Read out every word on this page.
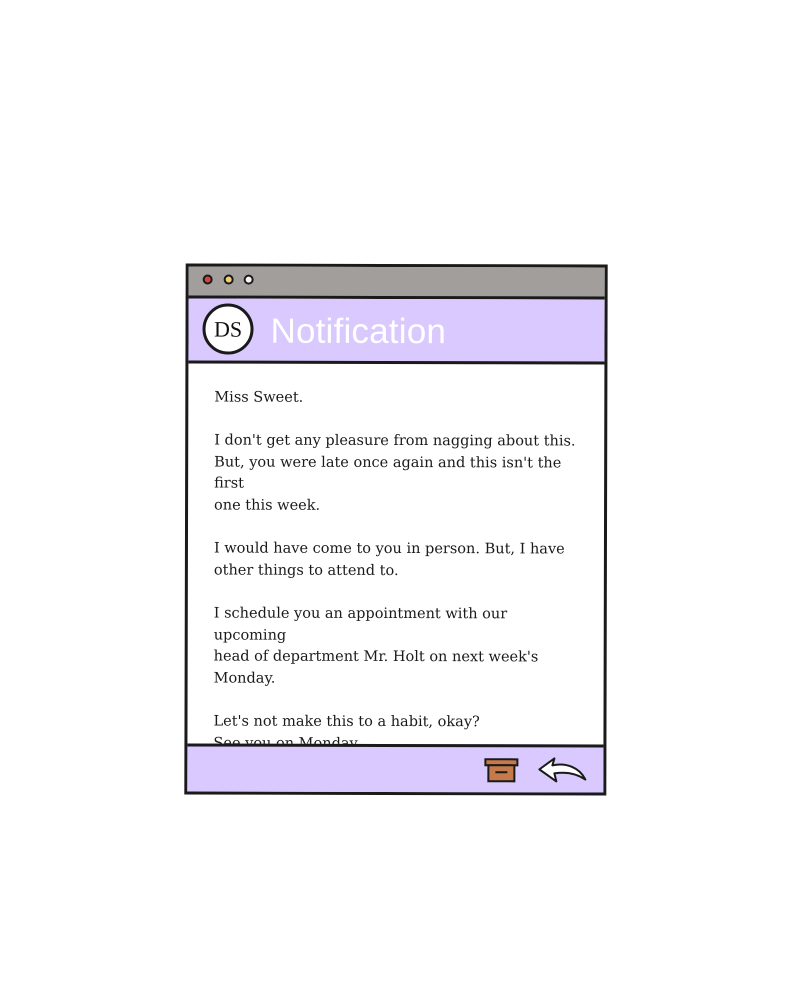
DS Notification

Miss Sweet.

I don't get any pleasure from nagging about this.
But, you were late once again and this isn't the first
one this week.

I would have come to you in person. But, I have
other things to attend to.

I schedule you an appointment with our upcoming
head of department Mr. Holt on next week's
Monday.

Let's not make this to a habit, okay?
